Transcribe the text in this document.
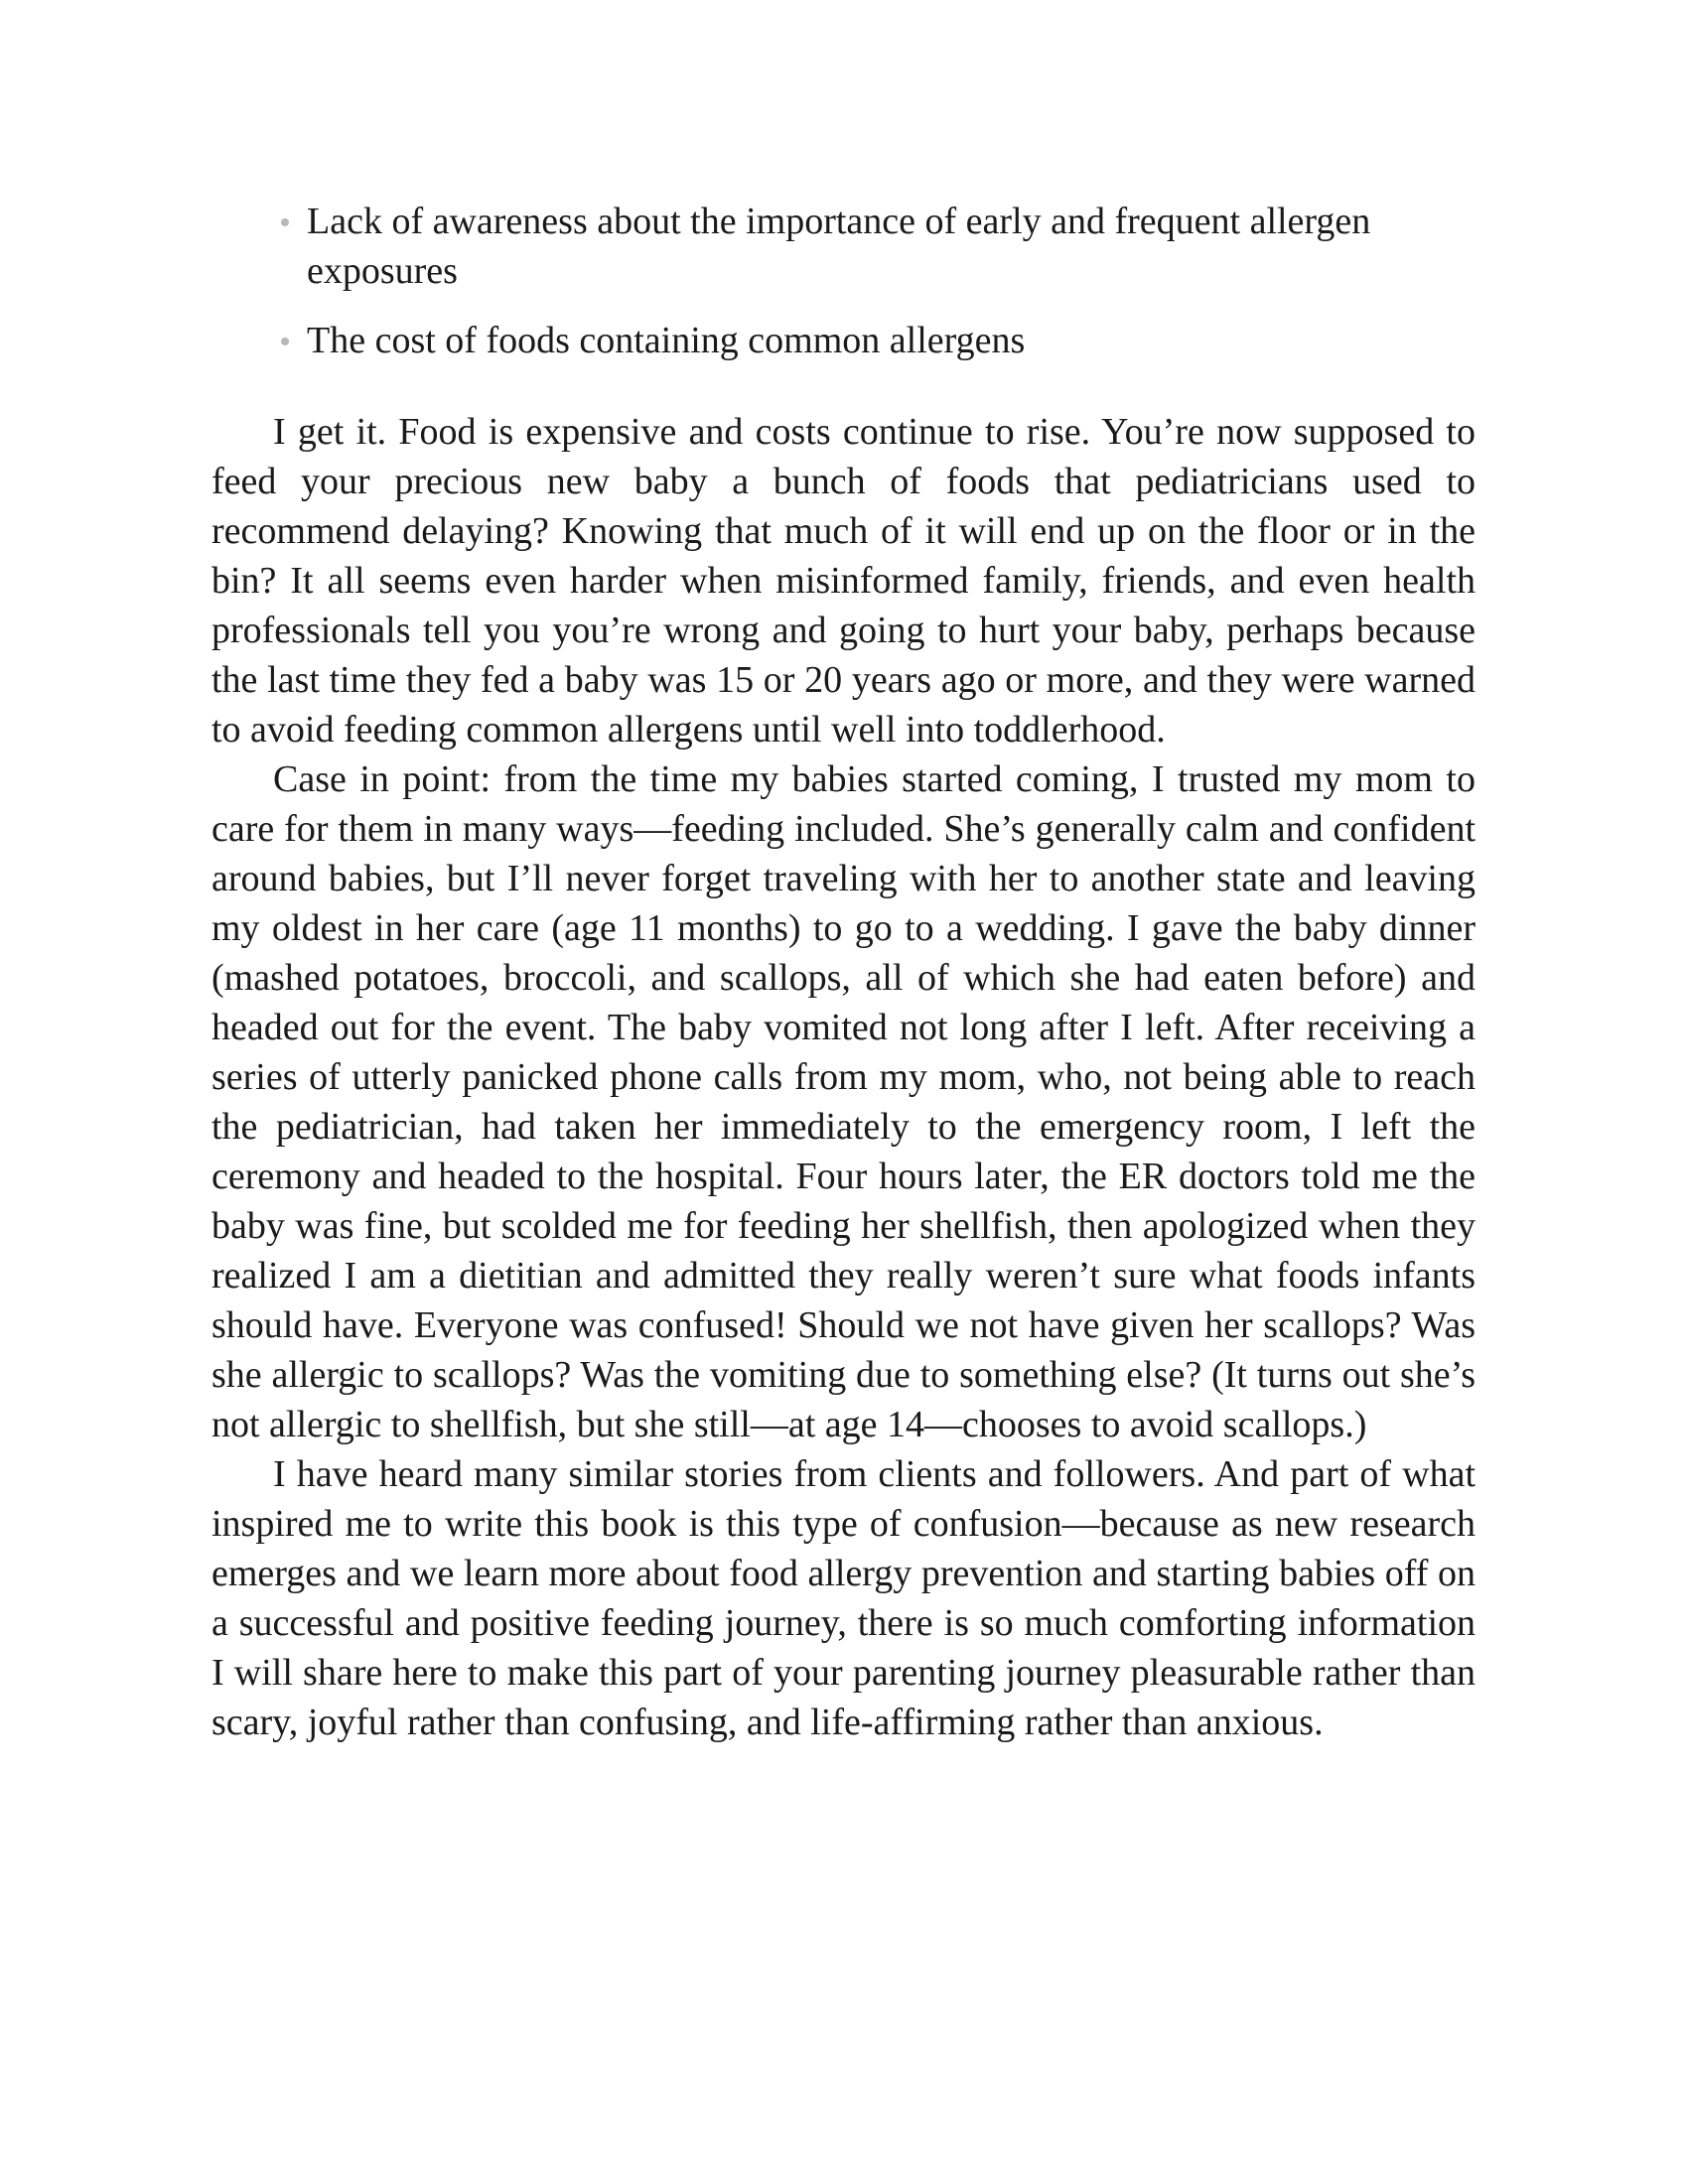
Lack of awareness about the importance of early and frequent allergen exposures
The cost of foods containing common allergens

I get it. Food is expensive and costs continue to rise. You’re now supposed to feed your precious new baby a bunch of foods that pediatricians used to recommend delaying? Knowing that much of it will end up on the floor or in the bin? It all seems even harder when misinformed family, friends, and even health professionals tell you you’re wrong and going to hurt your baby, perhaps because the last time they fed a baby was 15 or 20 years ago or more, and they were warned to avoid feeding common allergens until well into toddlerhood.

Case in point: from the time my babies started coming, I trusted my mom to care for them in many ways—feeding included. She’s generally calm and confident around babies, but I’ll never forget traveling with her to another state and leaving my oldest in her care (age 11 months) to go to a wedding. I gave the baby dinner (mashed potatoes, broccoli, and scallops, all of which she had eaten before) and headed out for the event. The baby vomited not long after I left. After receiving a series of utterly panicked phone calls from my mom, who, not being able to reach the pediatrician, had taken her immediately to the emergency room, I left the ceremony and headed to the hospital. Four hours later, the ER doctors told me the baby was fine, but scolded me for feeding her shellfish, then apologized when they realized I am a dietitian and admitted they really weren’t sure what foods infants should have. Everyone was confused! Should we not have given her scallops? Was she allergic to scallops? Was the vomiting due to something else? (It turns out she’s not allergic to shellfish, but she still—at age 14—chooses to avoid scallops.)

I have heard many similar stories from clients and followers. And part of what inspired me to write this book is this type of confusion—because as new research emerges and we learn more about food allergy prevention and starting babies off on a successful and positive feeding journey, there is so much comforting information I will share here to make this part of your parenting journey pleasurable rather than scary, joyful rather than confusing, and life-affirming rather than anxious.
